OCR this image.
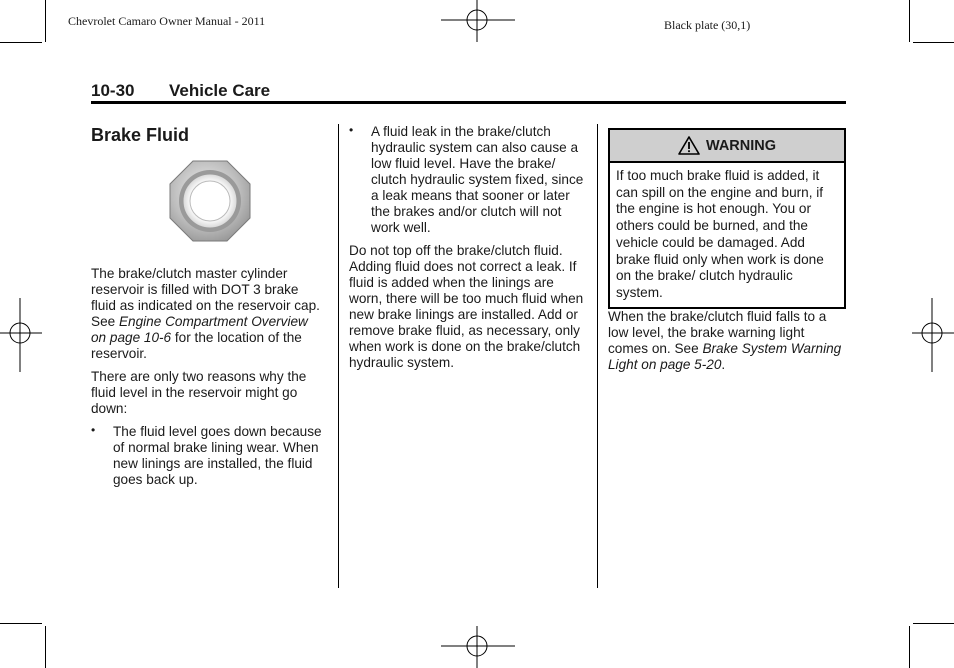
Chevrolet Camaro Owner Manual - 2011	Black plate (30,1)
10-30 Vehicle Care
Brake Fluid

The brake/clutch master cylinder reservoir is filled with DOT 3 brake fluid as indicated on the reservoir cap. See Engine Compartment Overview on page 10-6 for the location of the reservoir.

There are only two reasons why the fluid level in the reservoir might go down:

• The fluid level goes down because of normal brake lining wear. When new linings are installed, the fluid goes back up.
• A fluid leak in the brake/clutch hydraulic system can also cause a low fluid level. Have the brake/ clutch hydraulic system fixed, since a leak means that sooner or later the brakes and/or clutch will not work well.

Do not top off the brake/clutch fluid. Adding fluid does not correct a leak. If fluid is added when the linings are worn, there will be too much fluid when new brake linings are installed. Add or remove brake fluid, as necessary, only when work is done on the brake/clutch hydraulic system.

WARNING
If too much brake fluid is added, it can spill on the engine and burn, if the engine is hot enough. You or others could be burned, and the vehicle could be damaged. Add brake fluid only when work is done on the brake/ clutch hydraulic system.

When the brake/clutch fluid falls to a low level, the brake warning light comes on. See Brake System Warning Light on page 5-20.
